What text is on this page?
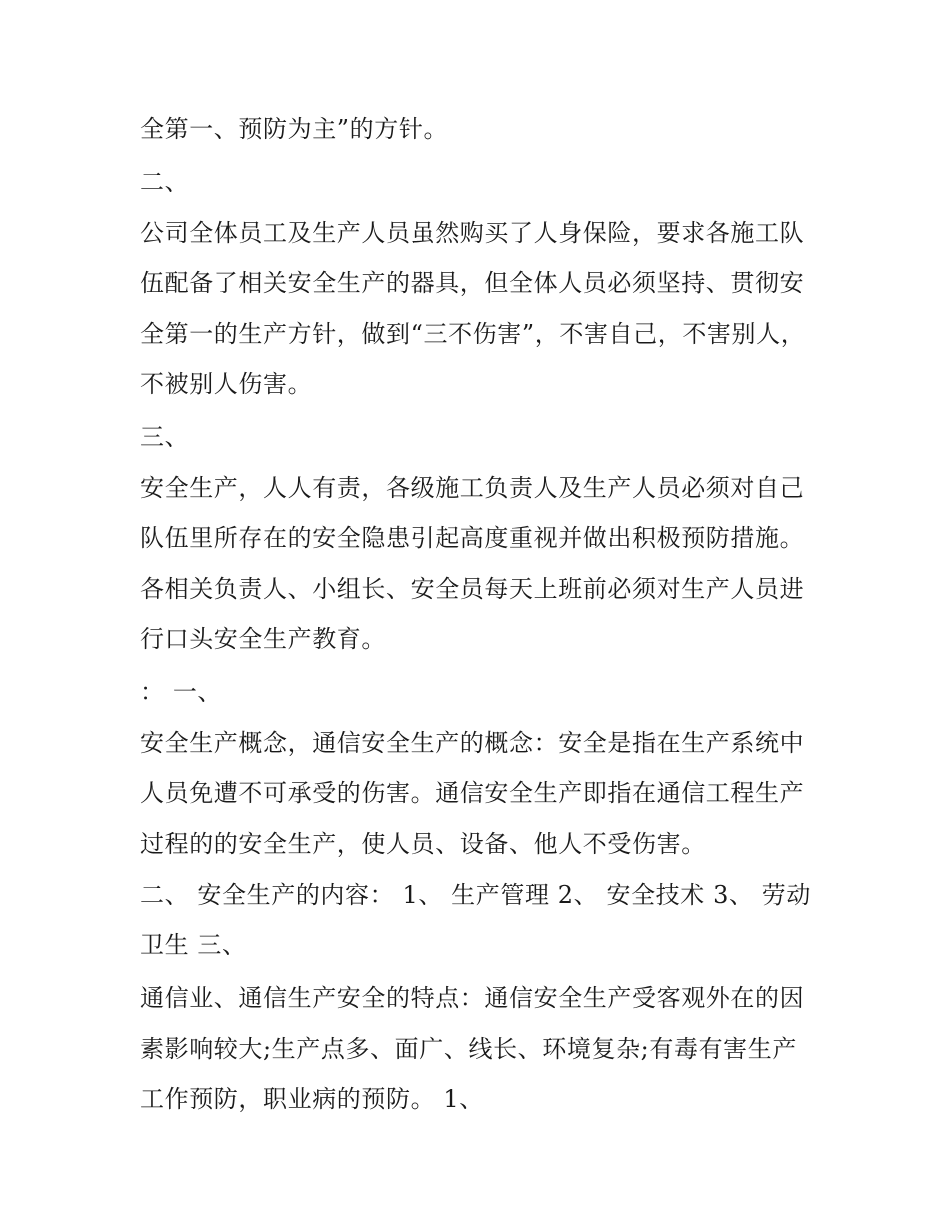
全第一、预防为主”的方针。
二、
公司全体员工及生产人员虽然购买了人身保险，要求各施工队
伍配备了相关安全生产的器具，但全体人员必须坚持、贯彻安
全第一的生产方针，做到“三不伤害”，不害自己，不害别人，
不被别人伤害。
三、
安全生产，人人有责，各级施工负责人及生产人员必须对自己
队伍里所存在的安全隐患引起高度重视并做出积极预防措施。
各相关负责人、小组长、安全员每天上班前必须对生产人员进
行口头安全生产教育。
： 一、
安全生产概念，通信安全生产的概念：安全是指在生产系统中
人员免遭不可承受的伤害。通信安全生产即指在通信工程生产
过程的的安全生产，使人员、设备、他人不受伤害。
二、 安全生产的内容： 1、 生产管理 2、 安全技术 3、 劳动
卫生 三、
通信业、通信生产安全的特点：通信安全生产受客观外在的因
素影响较大;生产点多、面广、线长、环境复杂;有毒有害生产
工作预防，职业病的预防。 1、
